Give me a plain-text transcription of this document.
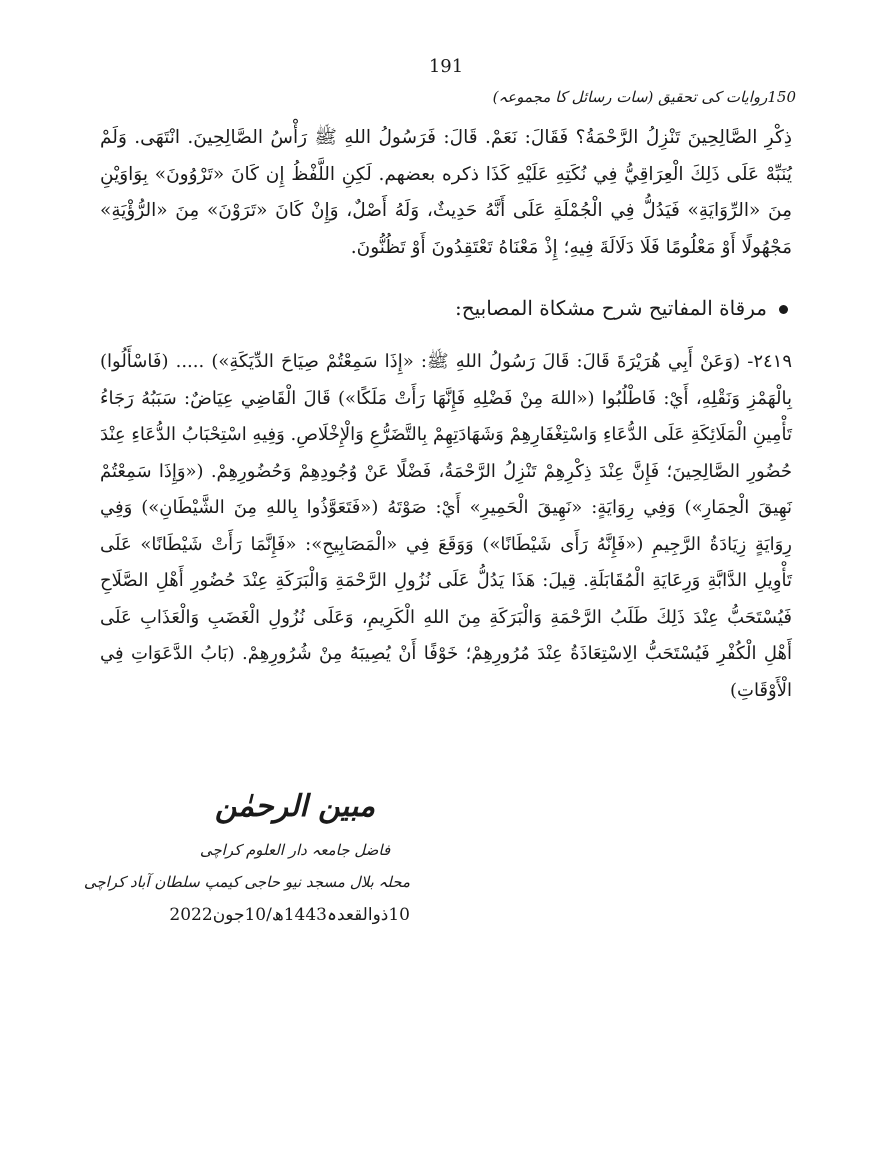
191
150روایات کی تحقیق (سات رسائل کا مجموعہ)

ذِكْرِ الصَّالِحِينَ تَنْزِلُ الرَّحْمَةُ؟ فَقَالَ: نَعَمْ. قَالَ: فَرَسُولُ اللهِ ﷺ رَأْسُ الصَّالِحِينَ. انْتَهَى. وَلَمْ يُنَبِّهْ عَلَى ذَلِكَ الْعِرَاقِيُّ فِي نُكَتِهِ عَلَيْهِ كَذَا ذكره بعضهم. لَكِنِ اللَّفْظُ إِن كَانَ «تَرْوُونَ» بِوَاوَيْنِ مِنَ «الرِّوَايَةِ» فَيَدُلُّ فِي الْجُمْلَةِ عَلَى أَنَّهُ حَدِيثٌ، وَلَهُ أَصْلٌ، وَإِنْ كَانَ «تَرَوْنَ» مِنَ «الرُّؤْيَةِ» مَجْهُولًا أَوْ مَعْلُومًا فَلَا دَلَالَةَ فِيهِ؛ إِذْ مَعْنَاهُ تَعْتَقِدُونَ أَوْ تَظُنُّونَ.

مرقاة المفاتيح شرح مشكاة المصابيح:

٢٤١٩- (وَعَنْ أَبِي هُرَيْرَةَ قَالَ: قَالَ رَسُولُ اللهِ ﷺ: «إِذَا سَمِعْتُمْ صِيَاحَ الدِّيَكَةِ») ..... (فَاسْأَلُوا) بِالْهَمْزِ وَنَقْلِهِ، أَيْ: فَاطْلُبُوا («اللهَ مِنْ فَضْلِهِ فَإِنَّهَا رَأَتْ مَلَكًا») قَالَ الْقَاضِي عِيَاضٌ: سَبَبُهُ رَجَاءُ تَأْمِينِ الْمَلَائِكَةِ عَلَى الدُّعَاءِ وَاسْتِغْفَارِهِمْ وَشَهَادَتِهِمْ بِالتَّضَرُّعِ وَالْإِخْلَاصِ. وَفِيهِ اسْتِحْبَابُ الدُّعَاءِ عِنْدَ حُضُورِ الصَّالِحِينَ؛ فَإِنَّ عِنْدَ ذِكْرِهِمْ تَنْزِلُ الرَّحْمَةُ، فَضْلًا عَنْ وُجُودِهِمْ وَحُضُورِهِمْ. («وَإِذَا سَمِعْتُمْ نَهِيقَ الْحِمَارِ») وَفِي رِوَايَةٍ: «نَهِيقَ الْحَمِيرِ» أَيْ: صَوْتَهُ («فَتَعَوَّذُوا بِاللهِ مِنَ الشَّيْطَانِ») وَفِي رِوَايَةٍ زِيَادَةُ الرَّجِيمِ («فَإِنَّهُ رَأَى شَيْطَانًا») وَوَقَعَ فِي «الْمَصَابِيحِ»: «فَإِنَّمَا رَأَتْ شَيْطَانًا» عَلَى تَأْوِيلِ الدَّابَّةِ وَرِعَايَةِ الْمُقَابَلَةِ. قِيلَ: هَذَا يَدُلُّ عَلَى نُزُولِ الرَّحْمَةِ وَالْبَرَكَةِ عِنْدَ حُضُورِ أَهْلِ الصَّلَاحِ فَيُسْتَحَبُّ عِنْدَ ذَلِكَ طَلَبُ الرَّحْمَةِ وَالْبَرَكَةِ مِنَ اللهِ الْكَرِيمِ، وَعَلَى نُزُولِ الْغَضَبِ وَالْعَذَابِ عَلَى أَهْلِ الْكُفْرِ فَيُسْتَحَبُّ الِاسْتِعَاذَةُ عِنْدَ مُرُورِهِمْ؛ خَوْفًا أَنْ يُصِيبَهُ مِنْ شُرُورِهِمْ. (بَابُ الدَّعَوَاتِ فِي الْأَوْقَاتِ)

مبین الرحمٰن
فاضل جامعہ دار العلوم کراچی
محلہ بلال مسجد نیو حاجی کیمپ سلطان آباد کراچی
10ذوالقعدہ1443ھ/10جون2022
